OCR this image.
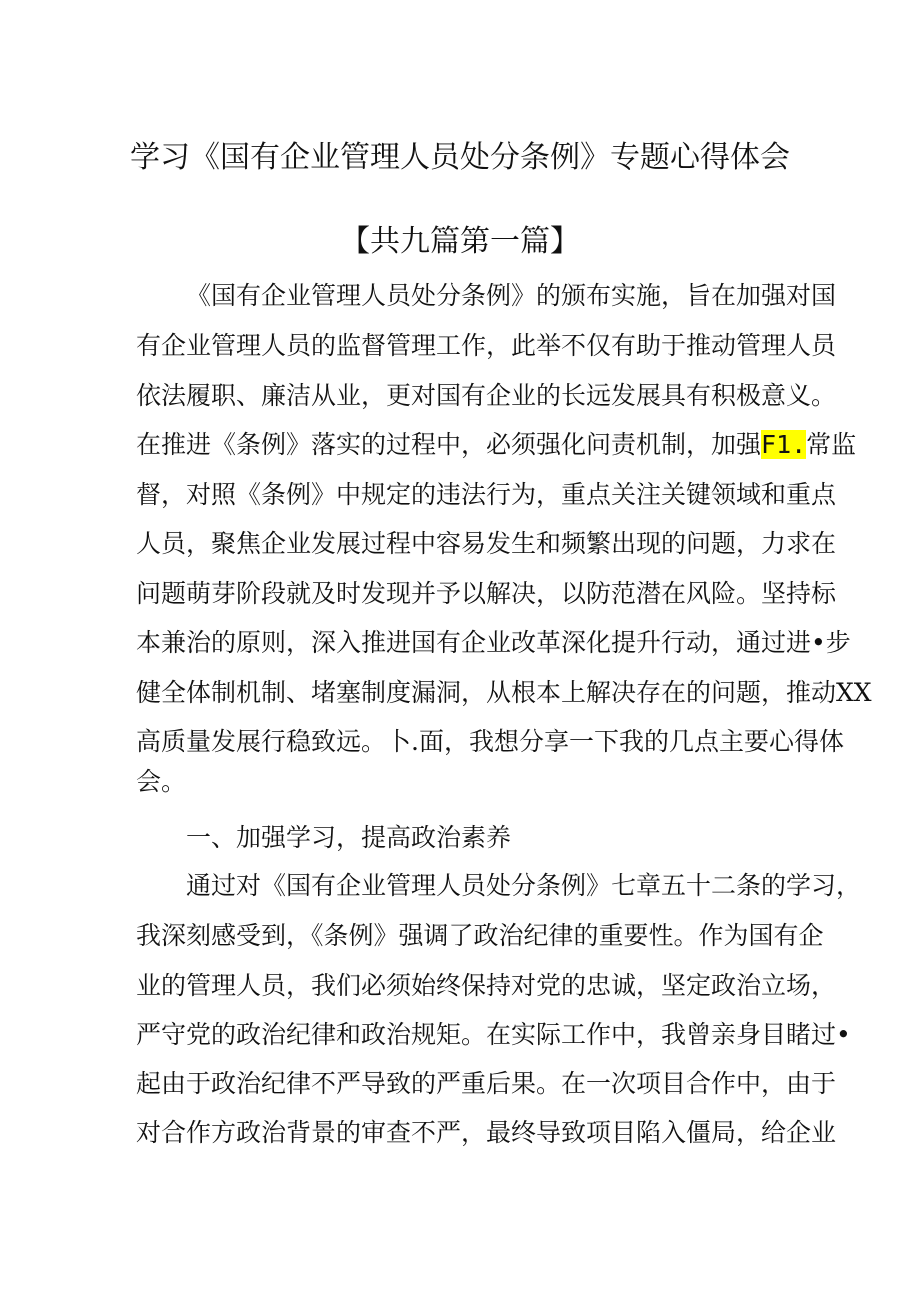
学习《国有企业管理人员处分条例》专题心得体会
【共九篇第一篇】

《国有企业管理人员处分条例》的颁布实施，旨在加强对国

有企业管理人员的监督管理工作，此举不仅有助于推动管理人员

依法履职、廉洁从业，更对国有企业的长远发展具有积极意义。

在推进《条例》落实的过程中，必须强化问责机制，加强F1.常监

督，对照《条例》中规定的违法行为，重点关注关键领域和重点

人员，聚焦企业发展过程中容易发生和频繁出现的问题，力求在

问题萌芽阶段就及时发现并予以解决，以防范潜在风险。坚持标

本兼治的原则，深入推进国有企业改革深化提升行动，通过进•步

健全体制机制、堵塞制度漏洞，从根本上解决存在的问题，推动XX

高质量发展行稳致远。卜.面，我想分享一下我的几点主要心得体

会。

一、加强学习，提高政治素养

通过对《国有企业管理人员处分条例》七章五十二条的学习，

我深刻感受到，《条例》强调了政治纪律的重要性。作为国有企

业的管理人员，我们必须始终保持对党的忠诚，坚定政治立场，

严守党的政治纪律和政治规矩。在实际工作中，我曾亲身目睹过•

起由于政治纪律不严导致的严重后果。在一次项目合作中，由于

对合作方政治背景的审查不严，最终导致项目陷入僵局，给企业
